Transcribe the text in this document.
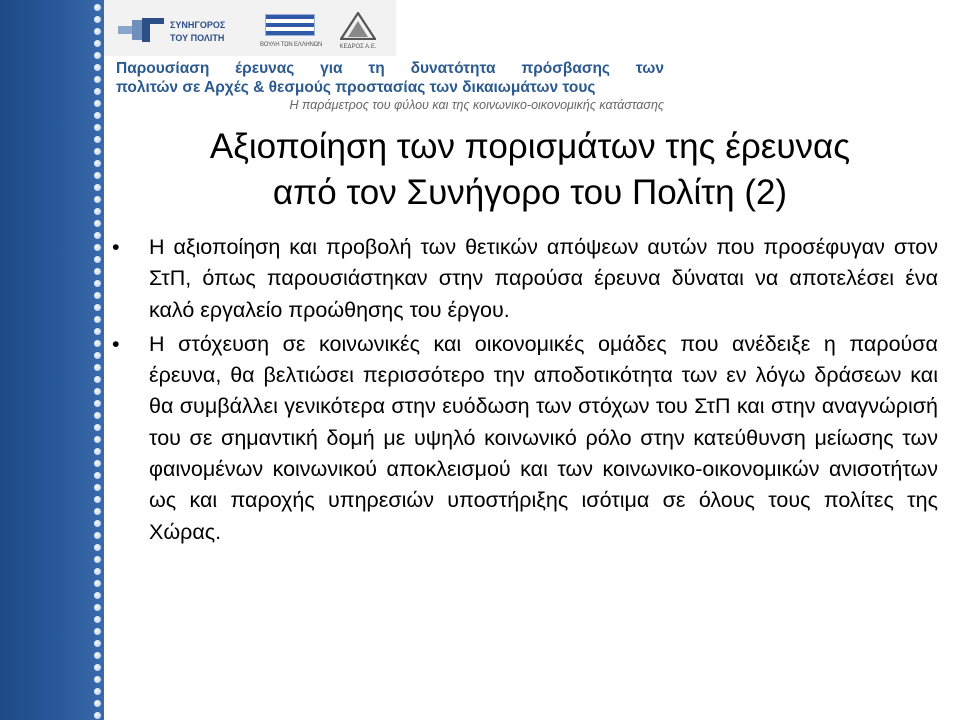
ΣΥΝΗΓΟΡΟΣ
ΤΟΥ ΠΟΛΙΤΗ
ΒΟΥΛΗ ΤΩΝ ΕΛΛΗΝΩΝ	ΚΕΔΡΟΣ Α.Ε.
Παρουσίαση έρευνας για τη δυνατότητα πρόσβασης των
πολιτών σε Αρχές & θεσμούς προστασίας των δικαιωμάτων τους
Η παράμετρος του φύλου και της κοινωνικο-οικονομικής κατάστασης
Αξιοποίηση των πορισμάτων της έρευνας
από τον Συνήγορο του Πολίτη (2)
•	Η αξιοποίηση και προβολή των θετικών απόψεων αυτών που προσέφυγαν στον ΣτΠ, όπως παρουσιάστηκαν στην παρούσα έρευνα δύναται να αποτελέσει ένα καλό εργαλείο προώθησης του έργου.
•	Η στόχευση σε κοινωνικές και οικονομικές ομάδες που ανέδειξε η παρούσα έρευνα, θα βελτιώσει περισσότερο την αποδοτικότητα των εν λόγω δράσεων και θα συμβάλλει γενικότερα στην ευόδωση των στόχων του ΣτΠ και στην αναγνώρισή του σε σημαντική δομή με υψηλό κοινωνικό ρόλο στην κατεύθυνση μείωσης των φαινομένων κοινωνικού αποκλεισμού και των κοινωνικο-οικονομικών ανισοτήτων ως και παροχής υπηρεσιών υποστήριξης ισότιμα σε όλους τους πολίτες της Χώρας.
